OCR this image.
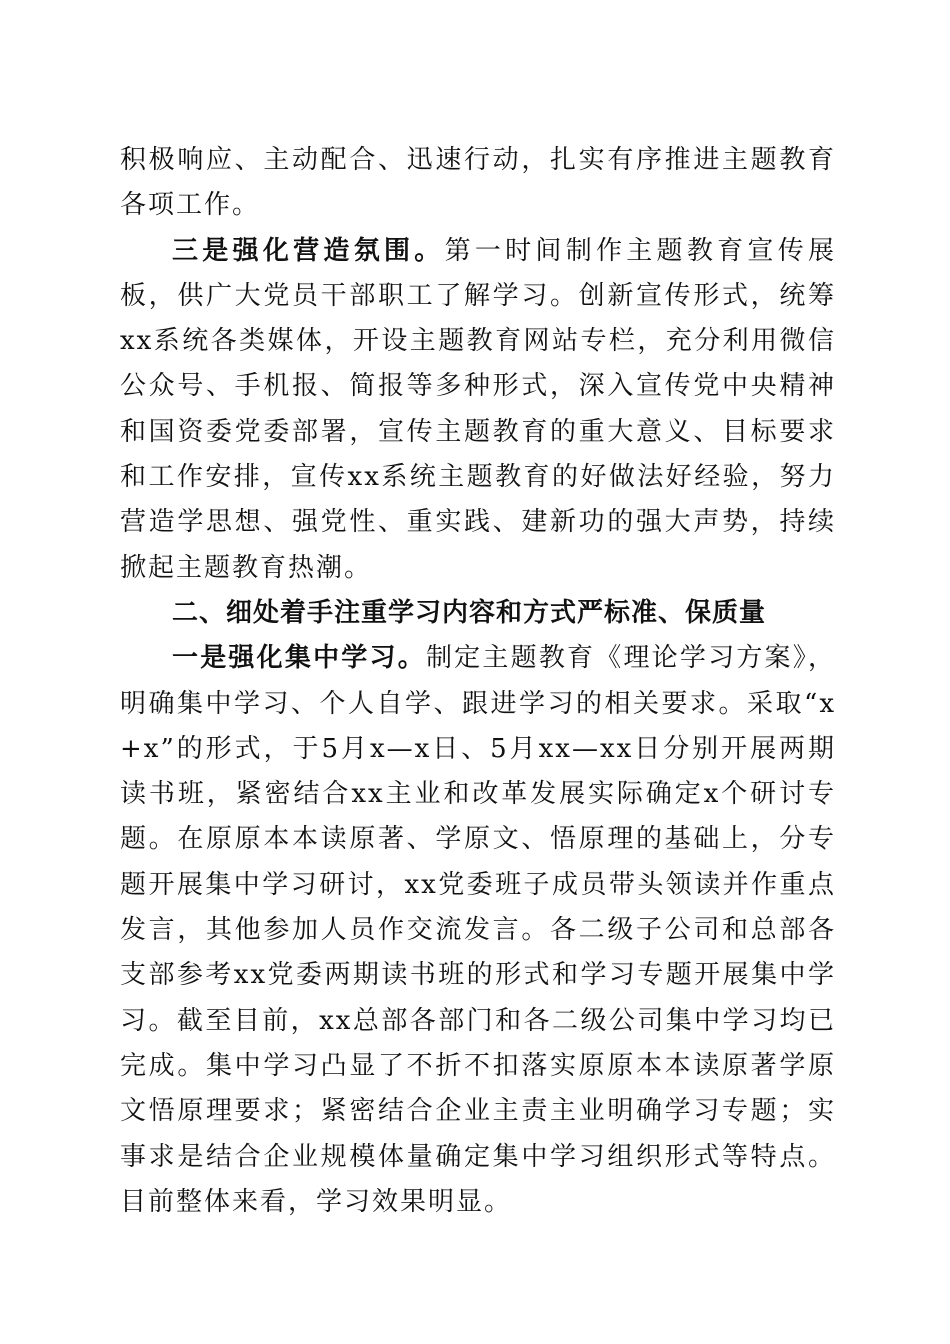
积极响应、主动配合、迅速行动，扎实有序推进主题教育各项工作。

三是强化营造氛围。第一时间制作主题教育宣传展板，供广大党员干部职工了解学习。创新宣传形式，统筹xx系统各类媒体，开设主题教育网站专栏，充分利用微信公众号、手机报、简报等多种形式，深入宣传党中央精神和国资委党委部署，宣传主题教育的重大意义、目标要求和工作安排，宣传xx系统主题教育的好做法好经验，努力营造学思想、强党性、重实践、建新功的强大声势，持续掀起主题教育热潮。

二、细处着手注重学习内容和方式严标准、保质量

一是强化集中学习。制定主题教育《理论学习方案》，明确集中学习、个人自学、跟进学习的相关要求。采取“x+x”的形式，于5月x—x日、5月xx—xx日分别开展两期读书班，紧密结合xx主业和改革发展实际确定x个研讨专题。在原原本本读原著、学原文、悟原理的基础上，分专题开展集中学习研讨，xx党委班子成员带头领读并作重点发言，其他参加人员作交流发言。各二级子公司和总部各支部参考xx党委两期读书班的形式和学习专题开展集中学习。截至目前，xx总部各部门和各二级公司集中学习均已完成。集中学习凸显了不折不扣落实原原本本读原著学原文悟原理要求；紧密结合企业主责主业明确学习专题；实事求是结合企业规模体量确定集中学习组织形式等特点。目前整体来看，学习效果明显。
